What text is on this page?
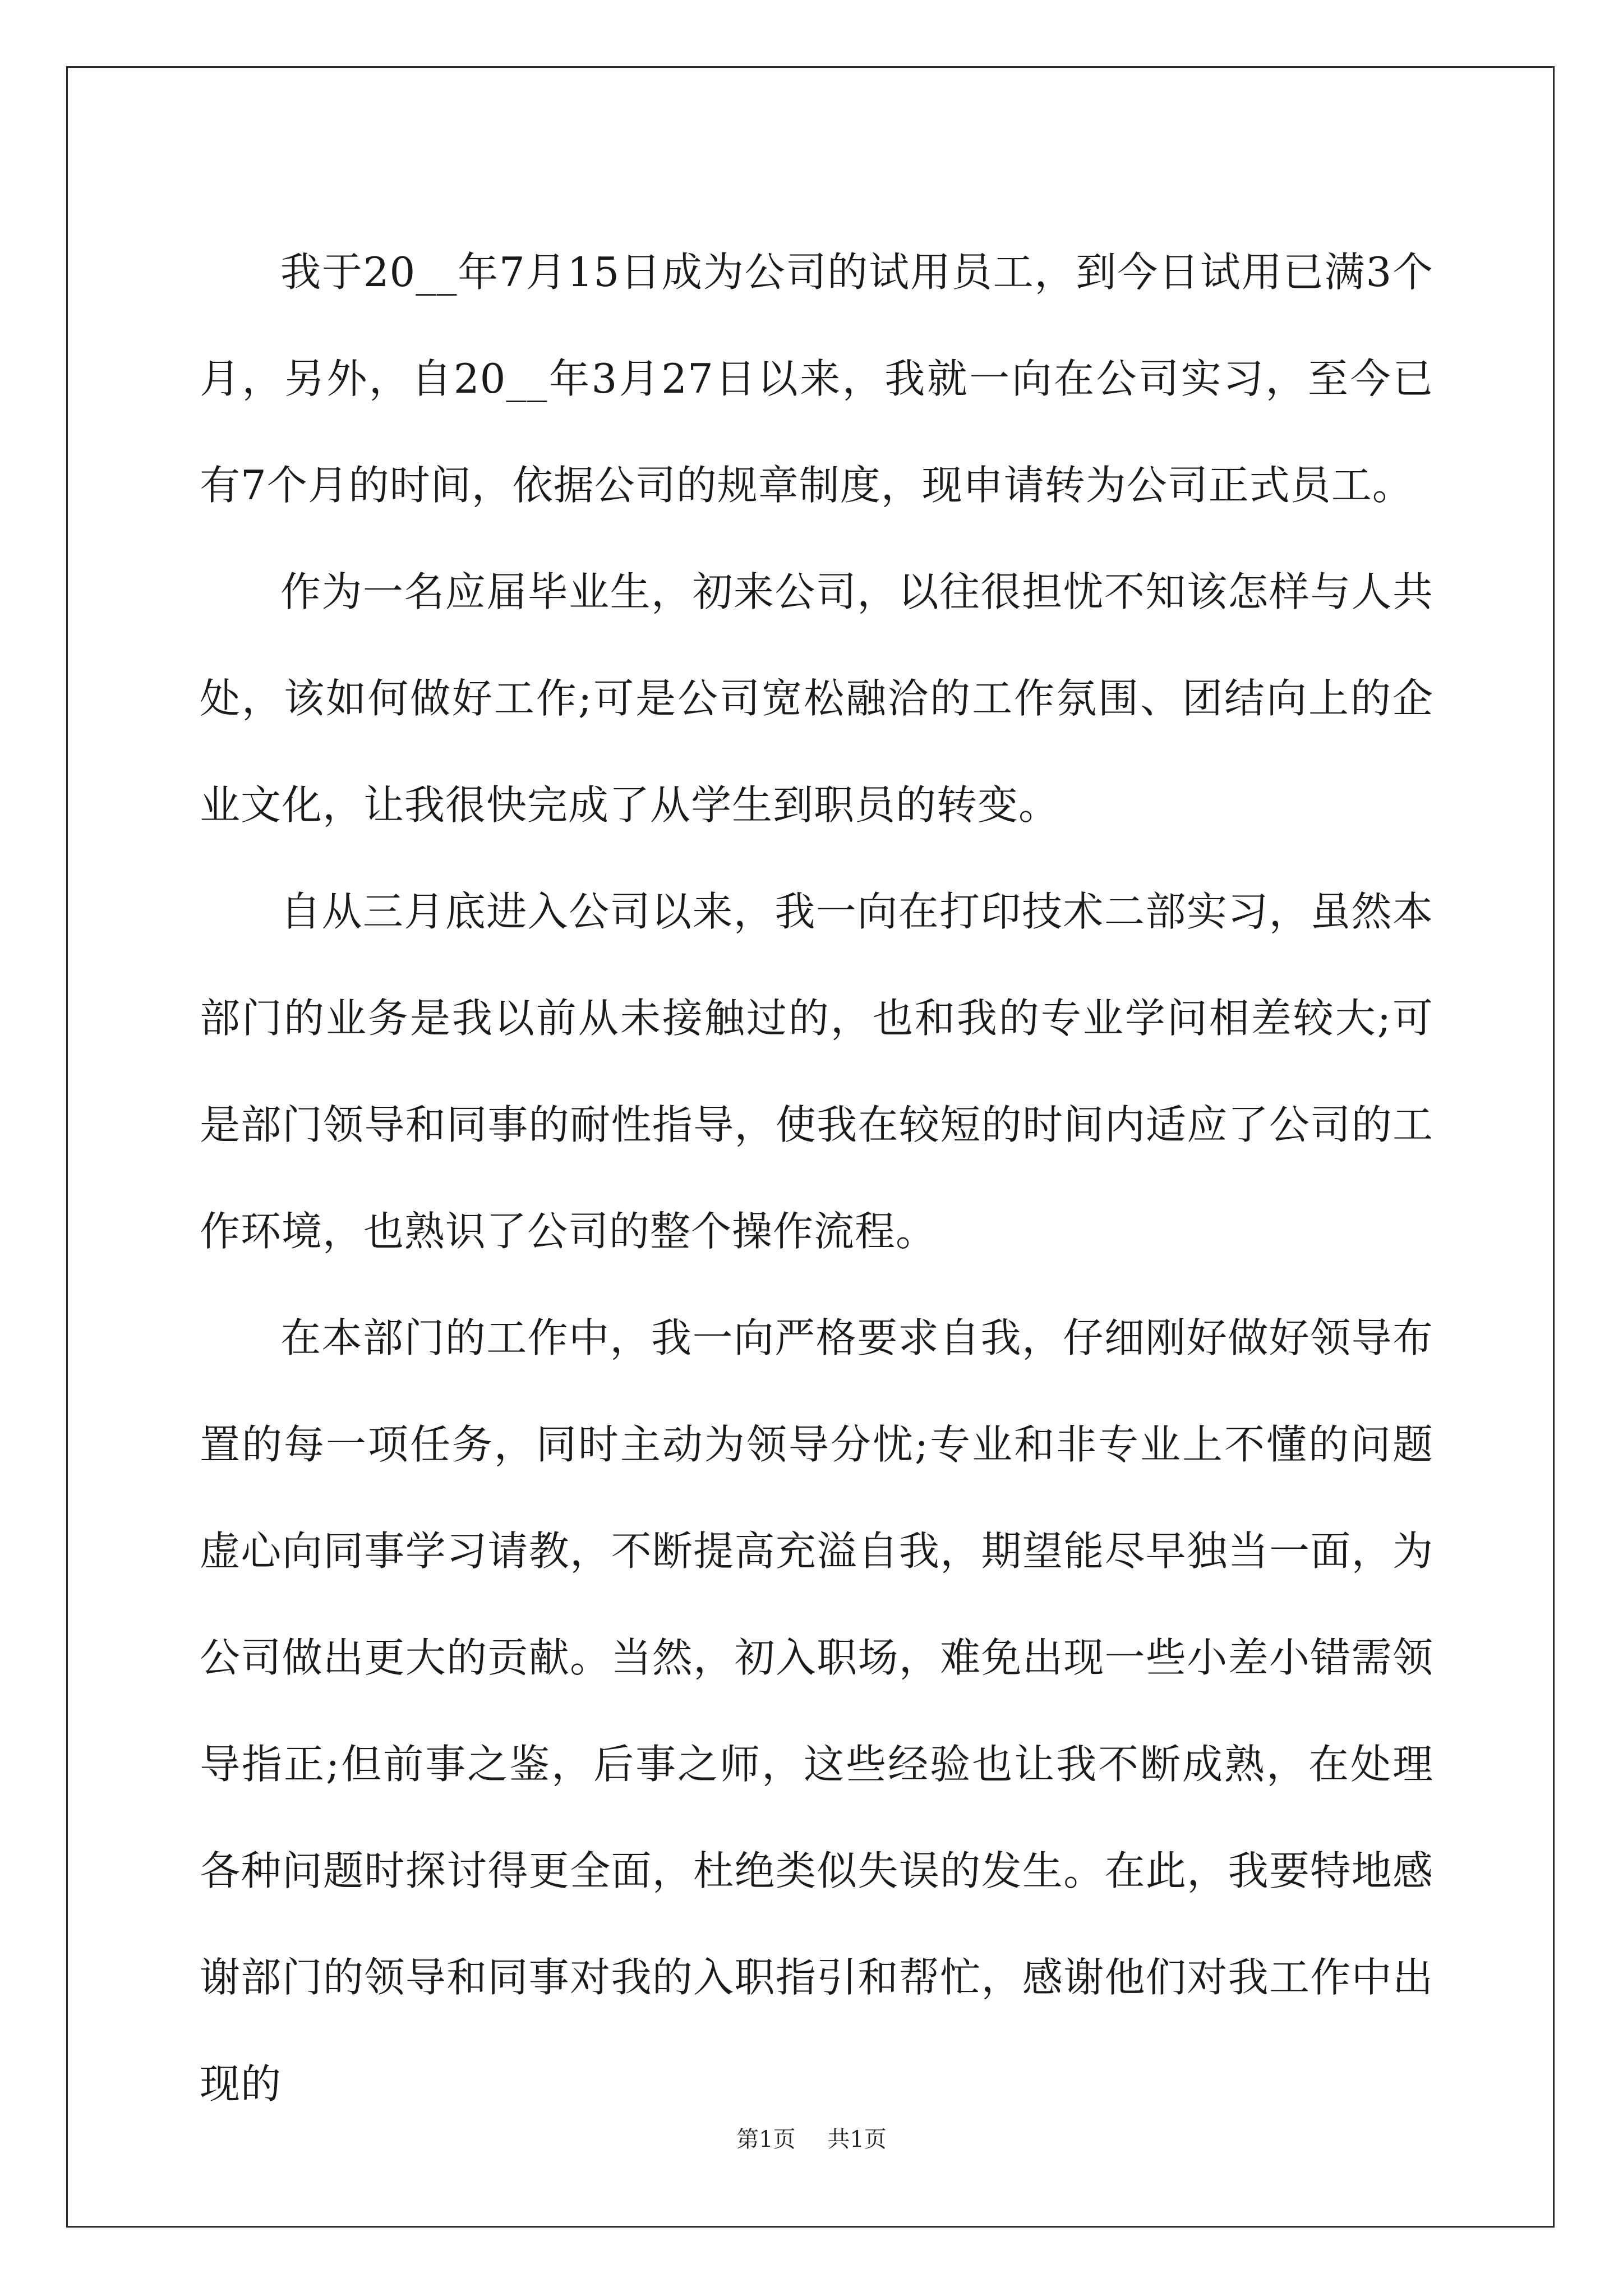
我于20__年7月15日成为公司的试用员工，到今日试用已满3个月，另外，自20__年3月27日以来，我就一向在公司实习，至今已有7个月的时间，依据公司的规章制度，现申请转为公司正式员工。

作为一名应届毕业生，初来公司，以往很担忧不知该怎样与人共处，该如何做好工作;可是公司宽松融洽的工作氛围、团结向上的企业文化，让我很快完成了从学生到职员的转变。

自从三月底进入公司以来，我一向在打印技术二部实习，虽然本部门的业务是我以前从未接触过的，也和我的专业学问相差较大;可是部门领导和同事的耐性指导，使我在较短的时间内适应了公司的工作环境，也熟识了公司的整个操作流程。

在本部门的工作中，我一向严格要求自我，仔细刚好做好领导布置的每一项任务，同时主动为领导分忧;专业和非专业上不懂的问题虚心向同事学习请教，不断提高充溢自我，期望能尽早独当一面，为公司做出更大的贡献。当然，初入职场，难免出现一些小差小错需领导指正;但前事之鉴，后事之师，这些经验也让我不断成熟，在处理各种问题时探讨得更全面，杜绝类似失误的发生。在此，我要特地感谢部门的领导和同事对我的入职指引和帮忙，感谢他们对我工作中出现的

第1页 共1页
